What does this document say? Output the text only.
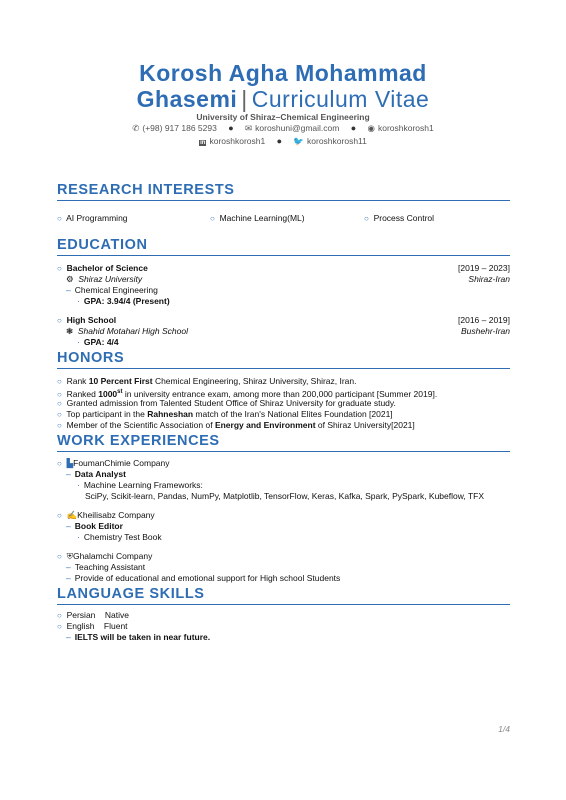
Korosh Agha Mohammad
Ghasemi | Curriculum Vitae
University of Shiraz–Chemical Engineering
✆ (+98) 917 186 5293 ● ✉ koroshuni@gmail.com ● ◉ koroshkorosh1
in koroshkorosh1 ● 🐦 koroshkorosh11
RESEARCH INTERESTS
○ AI Programming	○ Machine Learning(ML)	○ Process Control
EDUCATION
○ Bachelor of Science	[2019 – 2023]
⚙ Shiraz University	Shiraz-Iran
– Chemical Engineering
· GPA: 3.94/4 (Present)
○ High School	[2016 – 2019]
❃ Shahid Motahari High School	Bushehr-Iran
· GPA: 4/4
HONORS
○ Rank 10 Percent First Chemical Engineering, Shiraz University, Shiraz, Iran.
○ Ranked 1000st in university entrance exam, among more than 200,000 participant [Summer 2019].
○ Granted admission from Talented Student Office of Shiraz University for graduate study.
○ Top participant in the Rahneshan match of the Iran's National Elites Foundation [2021]
○ Member of the Scientific Association of Energy and Environment of Shiraz University[2021]
WORK EXPERIENCES
○ ▙FoumanChimie Company
– Data Analyst
· Machine Learning Frameworks:
SciPy, Scikit-learn, Pandas, NumPy, Matplotlib, TensorFlow, Keras, Kafka, Spark, PySpark, Kubeflow, TFX
○ ✍Kheilisabz Company
– Book Editor
· Chemistry Test Book
○ ⛨Ghalamchi Company
– Teaching Assistant
– Provide of educational and emotional support for High school Students
LANGUAGE SKILLS
○ Persian Native
○ English Fluent
– IELTS will be taken in near future.
1/4
